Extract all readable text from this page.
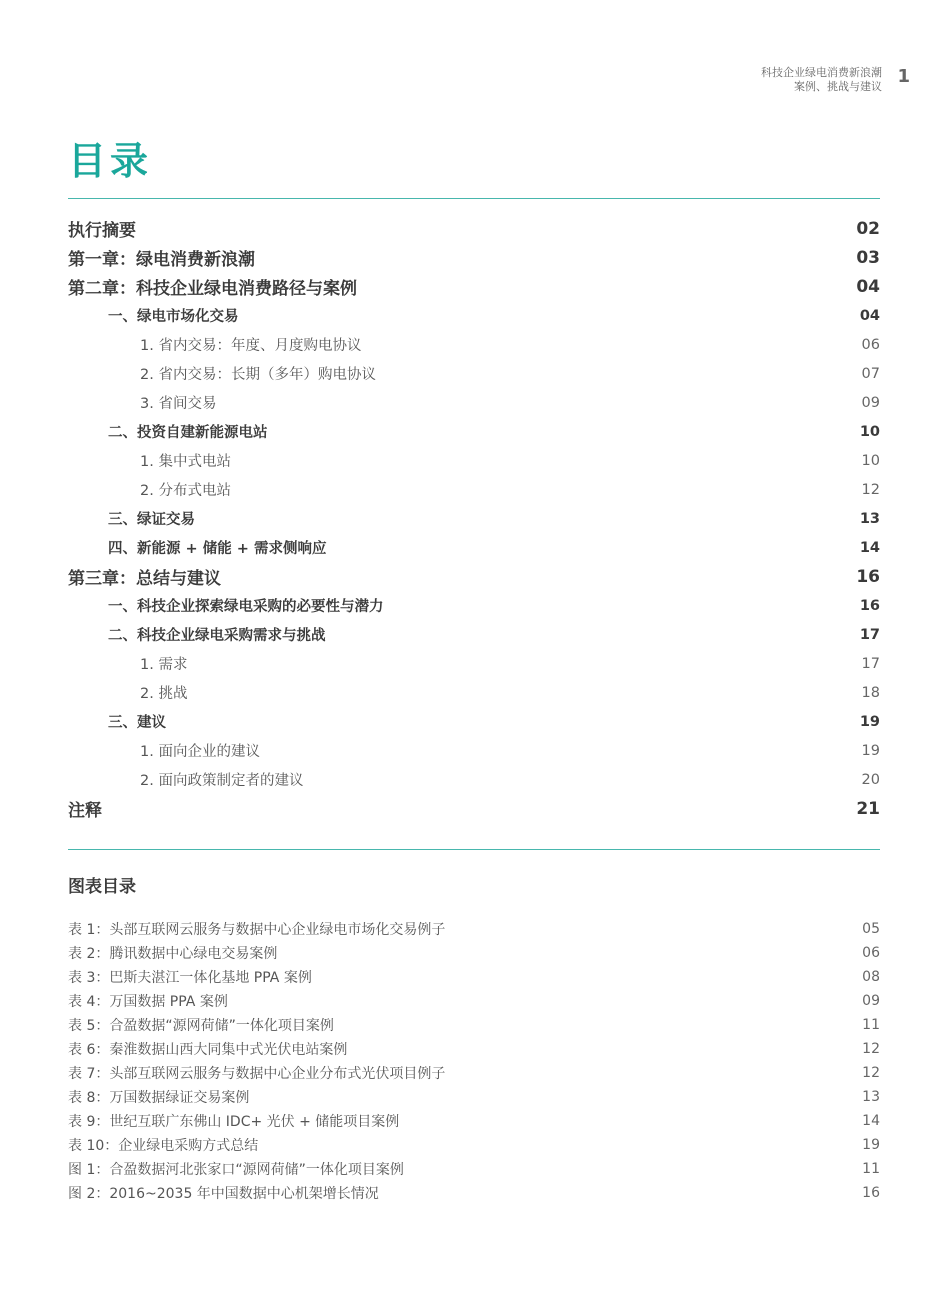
科技企业绿电消费新浪潮
案例、挑战与建议 1
目录
执行摘要	02
第一章：绿电消费新浪潮	03
第二章：科技企业绿电消费路径与案例	04
一、绿电市场化交易	04
1. 省内交易：年度、月度购电协议	06
2. 省内交易：长期（多年）购电协议	07
3. 省间交易	09
二、投资自建新能源电站	10
1. 集中式电站	10
2. 分布式电站	12
三、绿证交易	13
四、新能源 + 储能 + 需求侧响应	14
第三章：总结与建议	16
一、科技企业探索绿电采购的必要性与潜力	16
二、科技企业绿电采购需求与挑战	17
1. 需求	17
2. 挑战	18
三、建议	19
1. 面向企业的建议	19
2. 面向政策制定者的建议	20
注释	21
图表目录
表 1：头部互联网云服务与数据中心企业绿电市场化交易例子	05
表 2：腾讯数据中心绿电交易案例	06
表 3：巴斯夫湛江一体化基地 PPA 案例	08
表 4：万国数据 PPA 案例	09
表 5：合盈数据“源网荷储”一体化项目案例	11
表 6：秦淮数据山西大同集中式光伏电站案例	12
表 7：头部互联网云服务与数据中心企业分布式光伏项目例子	12
表 8：万国数据绿证交易案例	13
表 9：世纪互联广东佛山 IDC+ 光伏 + 储能项目案例	14
表 10：企业绿电采购方式总结	19
图 1：合盈数据河北张家口“源网荷储”一体化项目案例	11
图 2：2016~2035 年中国数据中心机架增长情况	16
